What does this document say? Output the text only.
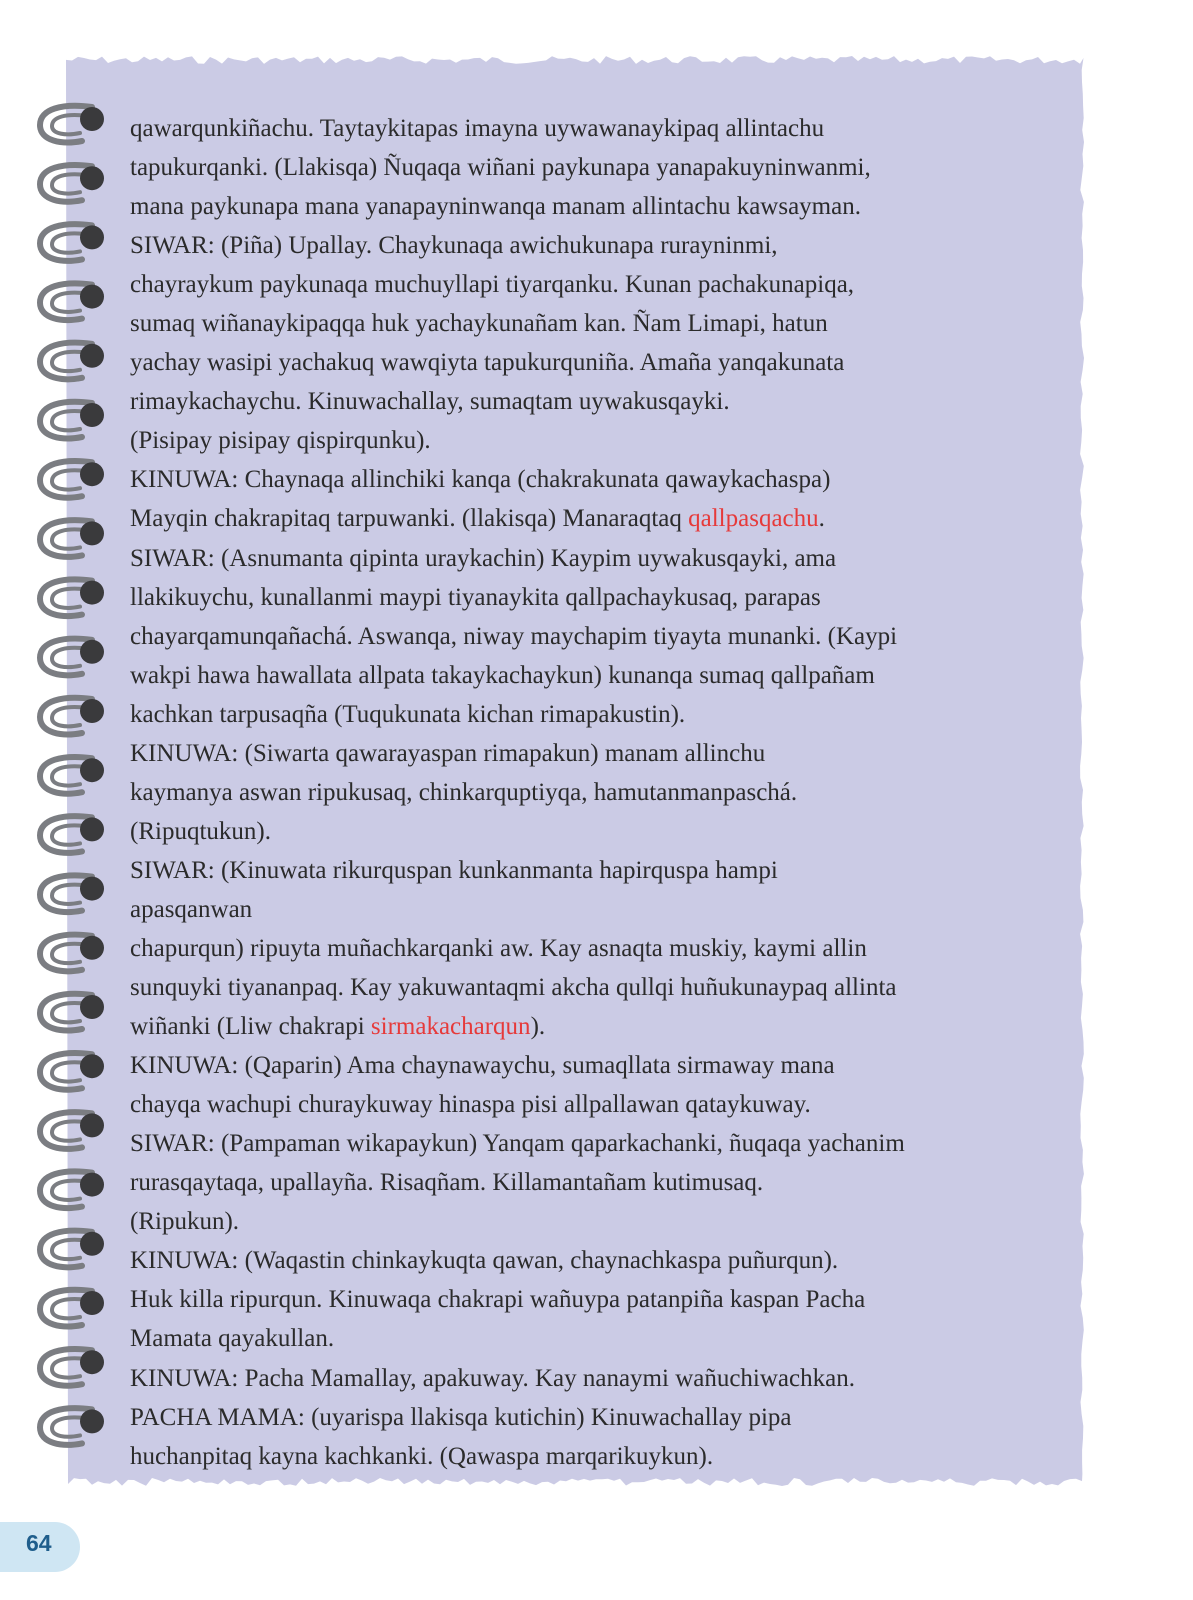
qawarqunkiñachu. Taytaykitapas imayna uywawanaykipaq allintachu
tapukurqanki. (Llakisqa) Ñuqaqa wiñani paykunapa yanapakuyninwanmi,
mana paykunapa mana yanapayninwanqa manam allintachu kawsayman.
SIWAR: (Piña) Upallay. Chaykunaqa awichukunapa rurayninmi,
chayraykum paykunaqa muchuyllapi tiyarqanku. Kunan pachakunapiqa,
sumaq wiñanaykipaqqa huk yachaykunañam kan. Ñam Limapi, hatun
yachay wasipi yachakuq wawqiyta tapukurquniña. Amaña yanqakunata
rimaykachaychu. Kinuwachallay, sumaqtam uywakusqayki.
(Pisipay pisipay qispirqunku).
KINUWA: Chaynaqa allinchiki kanqa (chakrakunata qawaykachaspa)
Mayqin chakrapitaq tarpuwanki. (llakisqa) Manaraqtaq qallpasqachu.
SIWAR: (Asnumanta qipinta uraykachin) Kaypim uywakusqayki, ama
llakikuychu, kunallanmi maypi tiyanaykita qallpachaykusaq, parapas
chayarqamunqañachá. Aswanqa, niway maychapim tiyayta munanki. (Kaypi
wakpi hawa hawallata allpata takaykachaykun) kunanqa sumaq qallpañam
kachkan tarpusaqña (Tuqukunata kichan rimapakustin).
KINUWA: (Siwarta qawarayaspan rimapakun) manam allinchu
kaymanya aswan ripukusaq, chinkarquptiyqa, hamutanmanpaschá.
(Ripuqtukun).
SIWAR: (Kinuwata rikurquspan kunkanmanta hapirquspa hampi
apasqanwan
chapurqun) ripuyta muñachkarqanki aw. Kay asnaqta muskiy, kaymi allin
sunquyki tiyananpaq. Kay yakuwantaqmi akcha qullqi huñukunaypaq allinta
wiñanki (Lliw chakrapi sirmakacharqun).
KINUWA: (Qaparin) Ama chaynawaychu, sumaqllata sirmaway mana
chayqa wachupi churaykuway hinaspa pisi allpallawan qataykuway.
SIWAR: (Pampaman wikapaykun) Yanqam qaparkachanki, ñuqaqa yachanim
rurasqaytaqa, upallayña. Risaqñam. Killamantañam kutimusaq.
(Ripukun).
KINUWA: (Waqastin chinkaykuqta qawan, chaynachkaspa puñurqun).
Huk killa ripurqun. Kinuwaqa chakrapi wañuypa patanpiña kaspan Pacha
Mamata qayakullan.
KINUWA: Pacha Mamallay, apakuway. Kay nanaymi wañuchiwachkan.
PACHA MAMA: (uyarispa llakisqa kutichin) Kinuwachallay pipa
huchanpitaq kayna kachkanki. (Qawaspa marqarikuykun).
64
